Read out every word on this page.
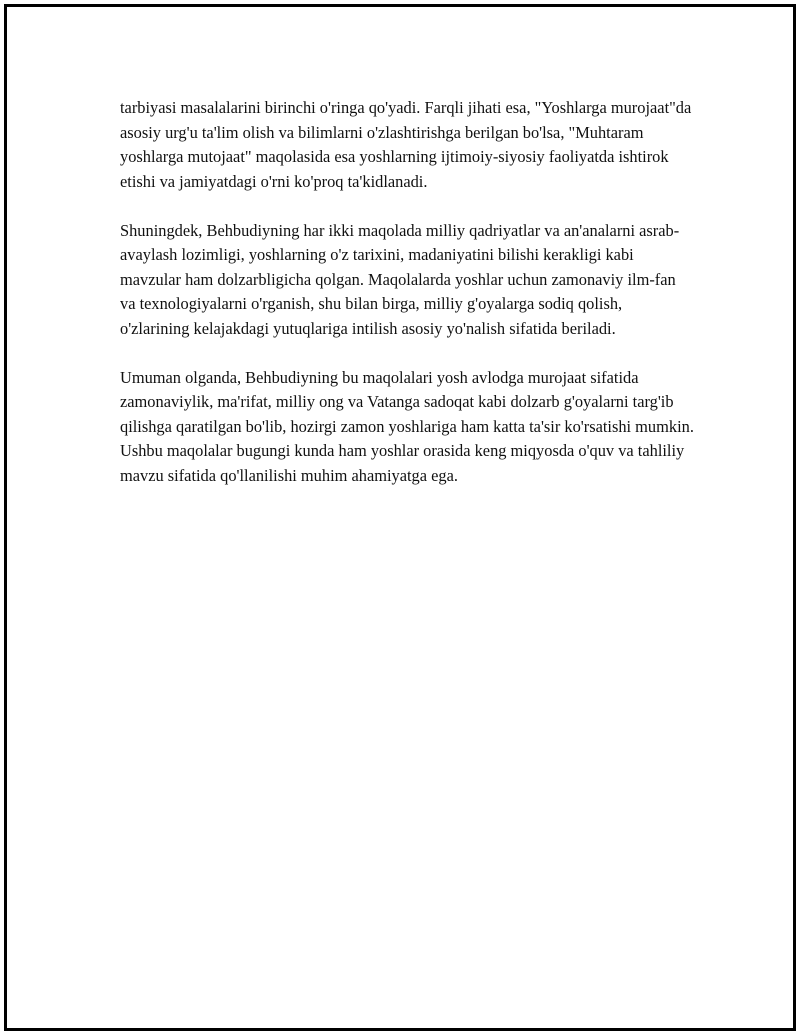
tarbiyasi masalalarini birinchi o'ringa qo'yadi. Farqli jihati esa, "Yoshlarga murojaat"da asosiy urg'u ta'lim olish va bilimlarni o'zlashtirishga berilgan bo'lsa, "Muhtaram yoshlarga mutojaat" maqolasida esa yoshlarning ijtimoiy-siyosiy faoliyatda ishtirok etishi va jamiyatdagi o'rni ko'proq ta'kidlanadi.

Shuningdek, Behbudiyning har ikki maqolada milliy qadriyatlar va an'analarni asrab-avaylash lozimligi, yoshlarning o'z tarixini, madaniyatini bilishi kerakligi kabi mavzular ham dolzarbligicha qolgan. Maqolalarda yoshlar uchun zamonaviy ilm-fan va texnologiyalarni o'rganish, shu bilan birga, milliy g'oyalarga sodiq qolish, o'zlarining kelajakdagi yutuqlariga intilish asosiy yo'nalish sifatida beriladi.

Umuman olganda, Behbudiyning bu maqolalari yosh avlodga murojaat sifatida zamonaviylik, ma'rifat, milliy ong va Vatanga sadoqat kabi dolzarb g'oyalarni targ'ib qilishga qaratilgan bo'lib, hozirgi zamon yoshlariga ham katta ta'sir ko'rsatishi mumkin. Ushbu maqolalar bugungi kunda ham yoshlar orasida keng miqyosda o'quv va tahliliy mavzu sifatida qo'llanilishi muhim ahamiyatga ega.
